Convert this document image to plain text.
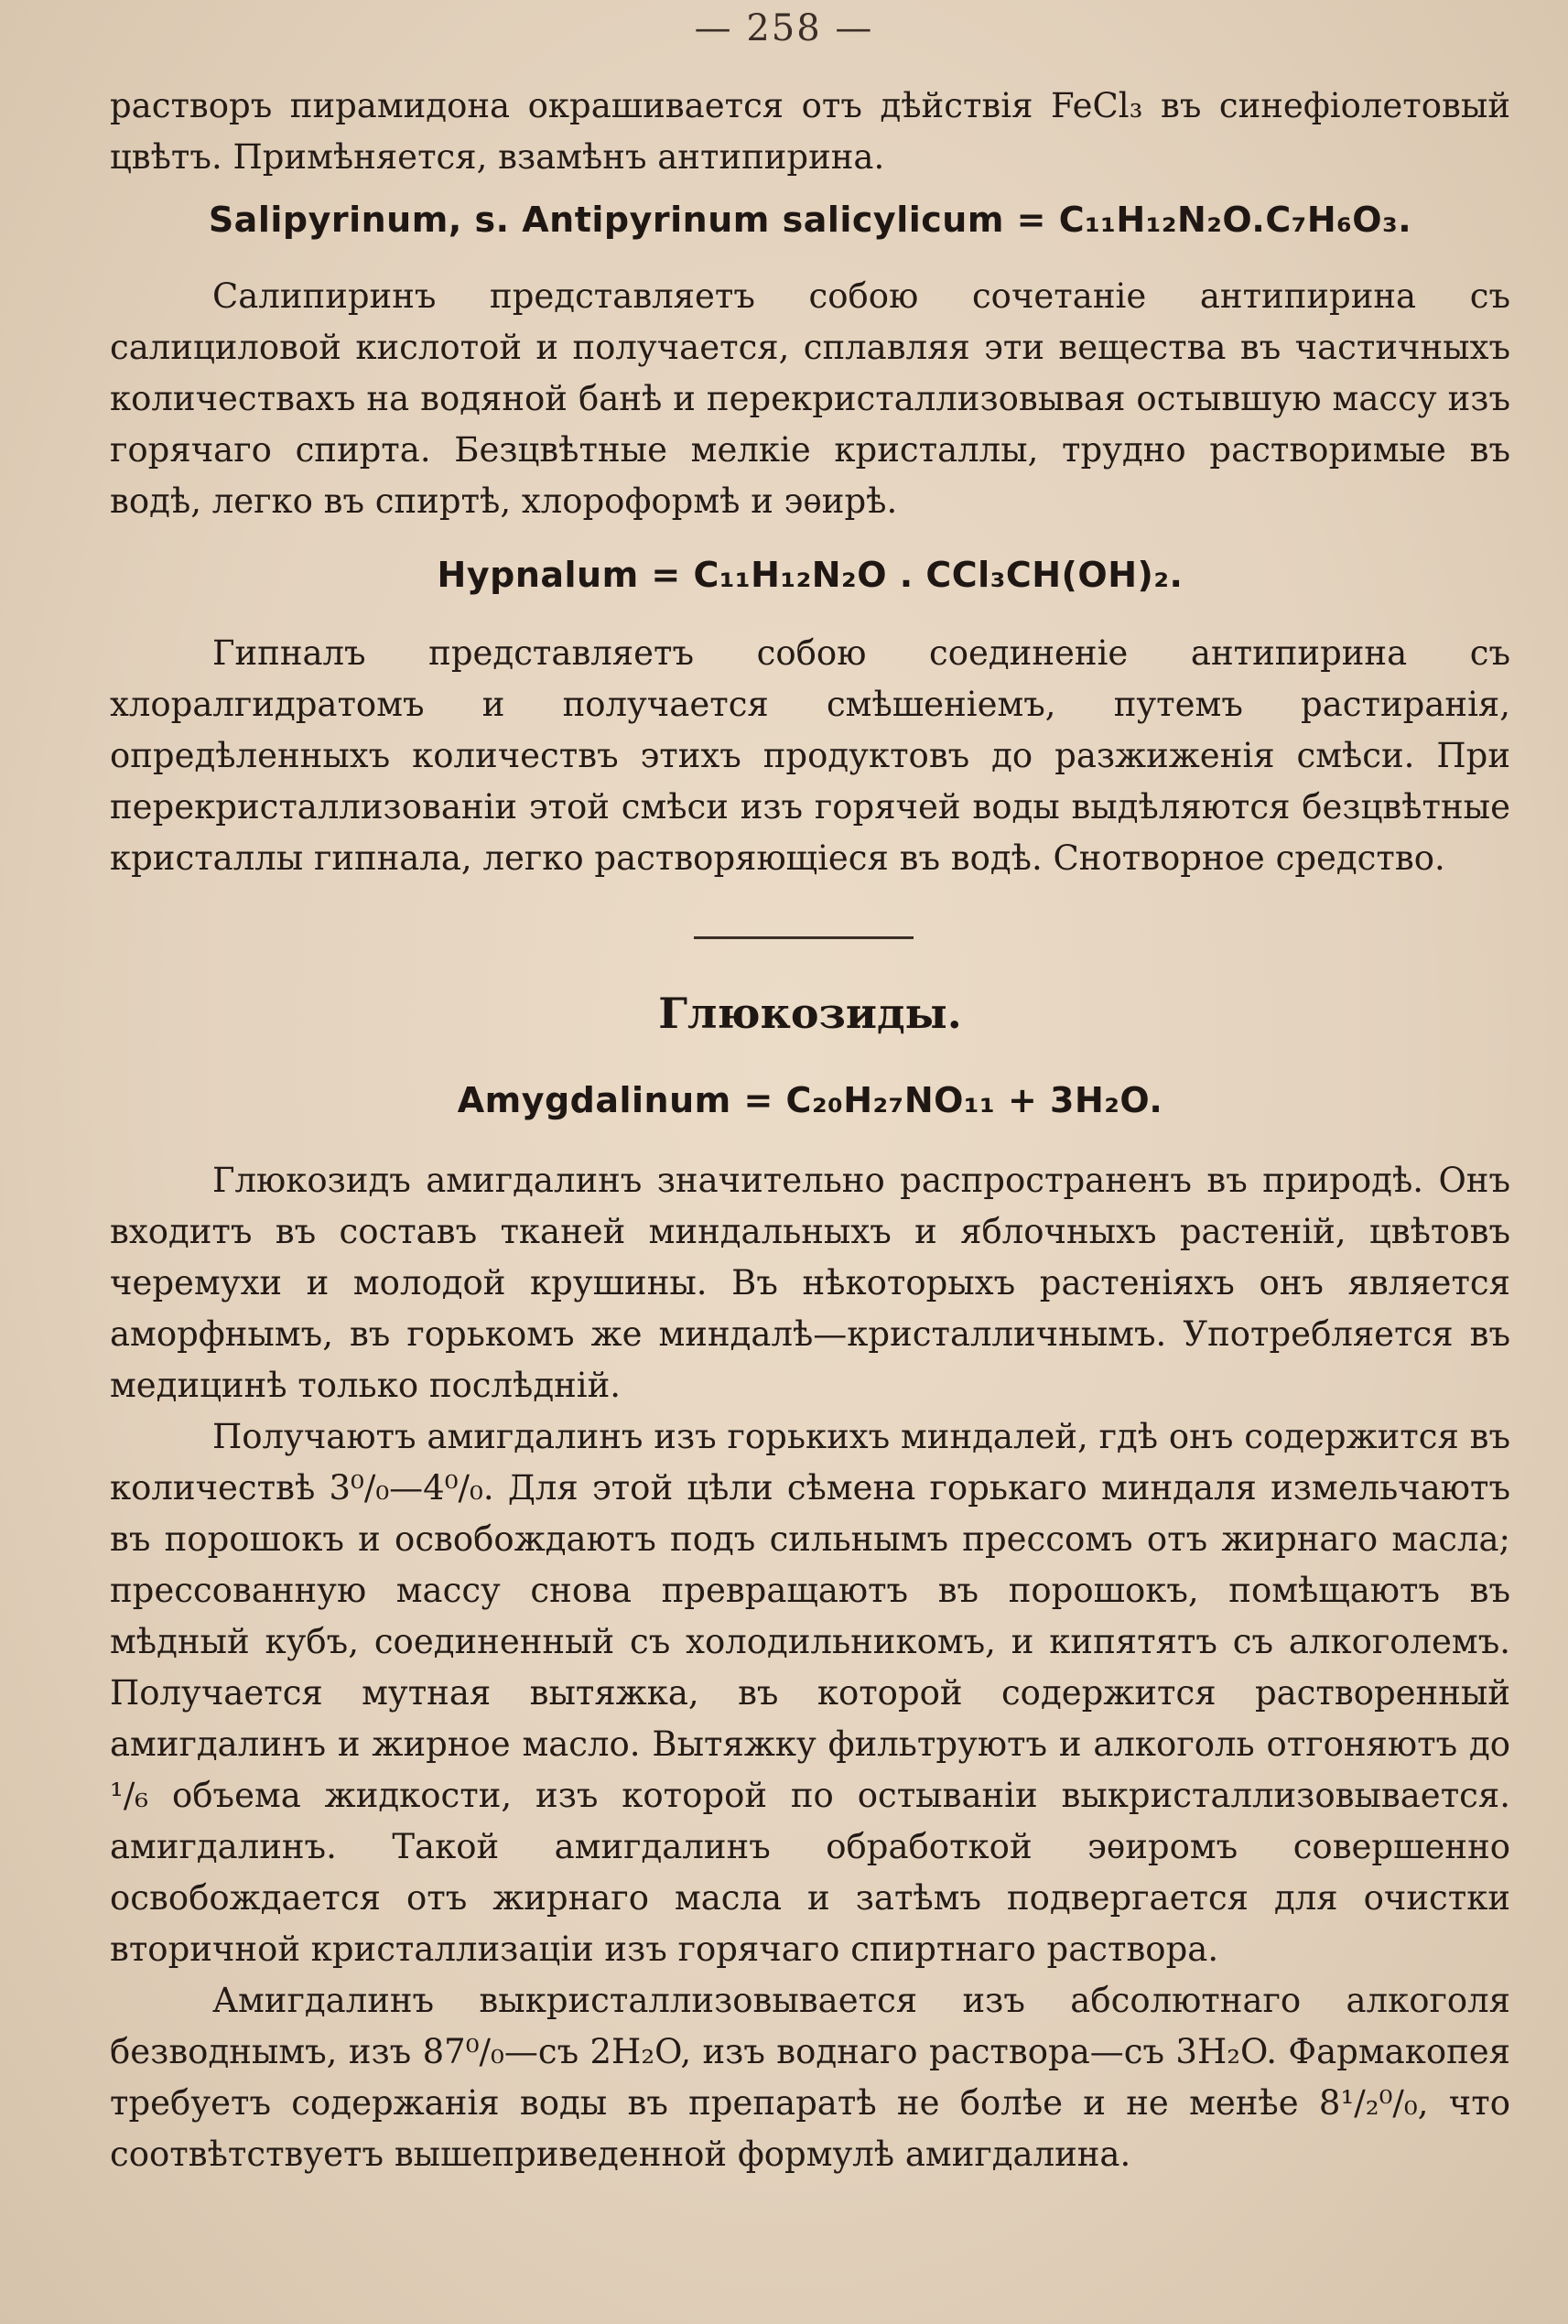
— 258 —

растворъ пирамидона окрашивается отъ дѣйствія FeCl₃ въ синефіолетовый цвѣтъ. Примѣняется, взамѣнъ антипирина.

Salipyrinum, s. Antipyrinum salicylicum = C₁₁H₁₂N₂O.C₇H₆O₃.

Салипиринъ представляетъ собою сочетаніе антипирина съ салициловой кислотой и получается, сплавляя эти вещества въ частичныхъ количествахъ на водяной банѣ и перекристаллизовывая остывшую массу изъ горячаго спирта. Безцвѣтные мелкіе кристаллы, трудно растворимые въ водѣ, легко въ спиртѣ, хлороформѣ и эѳирѣ.

Hypnalum = C₁₁H₁₂N₂O . CCl₃CH(OH)₂.

Гипналъ представляетъ собою соединеніе антипирина съ хлоралгидратомъ и получается смѣшеніемъ, путемъ растиранія, опредѣленныхъ количествъ этихъ продуктовъ до разжиженія смѣси. При перекристаллизованіи этой смѣси изъ горячей воды выдѣляются безцвѣтные кристаллы гипнала, легко растворяющіеся въ водѣ. Снотворное средство.

Глюкозиды.
Amygdalinum = C₂₀H₂₇NO₁₁ + 3H₂O.

Глюкозидъ амигдалинъ значительно распространенъ въ природѣ. Онъ входитъ въ составъ тканей миндальныхъ и яблочныхъ растеній, цвѣтовъ черемухи и молодой крушины. Въ нѣкоторыхъ растеніяхъ онъ является аморфнымъ, въ горькомъ же миндалѣ—кристалличнымъ. Употребляется въ медицинѣ только послѣдній.

Получаютъ амигдалинъ изъ горькихъ миндалей, гдѣ онъ содержится въ количествѣ 3⁰/₀—4⁰/₀. Для этой цѣли сѣмена горькаго миндаля измельчаютъ въ порошокъ и освобождаютъ подъ сильнымъ прессомъ отъ жирнаго масла; прессованную массу снова превращаютъ въ порошокъ, помѣщаютъ въ мѣдный кубъ, соединенный съ холодильникомъ, и кипятятъ съ алкоголемъ. Получается мутная вытяжка, въ которой содержится растворенный амигдалинъ и жирное масло. Вытяжку фильтруютъ и алкоголь отгоняютъ до ¹/₆ объема жидкости, изъ которой по остываніи выкристаллизовывается. амигдалинъ. Такой амигдалинъ обработкой эѳиромъ совершенно освобождается отъ жирнаго масла и затѣмъ подвергается для очистки вторичной кристаллизаціи изъ горячаго спиртнаго раствора.

Амигдалинъ выкристаллизовывается изъ абсолютнаго алкоголя безводнымъ, изъ 87⁰/₀—съ 2H₂O, изъ воднаго раствора—съ 3H₂O. Фармакопея требуетъ содержанія воды въ препаратѣ не болѣе и не менѣе 8¹/₂⁰/₀, что соотвѣтствуетъ вышеприведенной формулѣ амигдалина.
